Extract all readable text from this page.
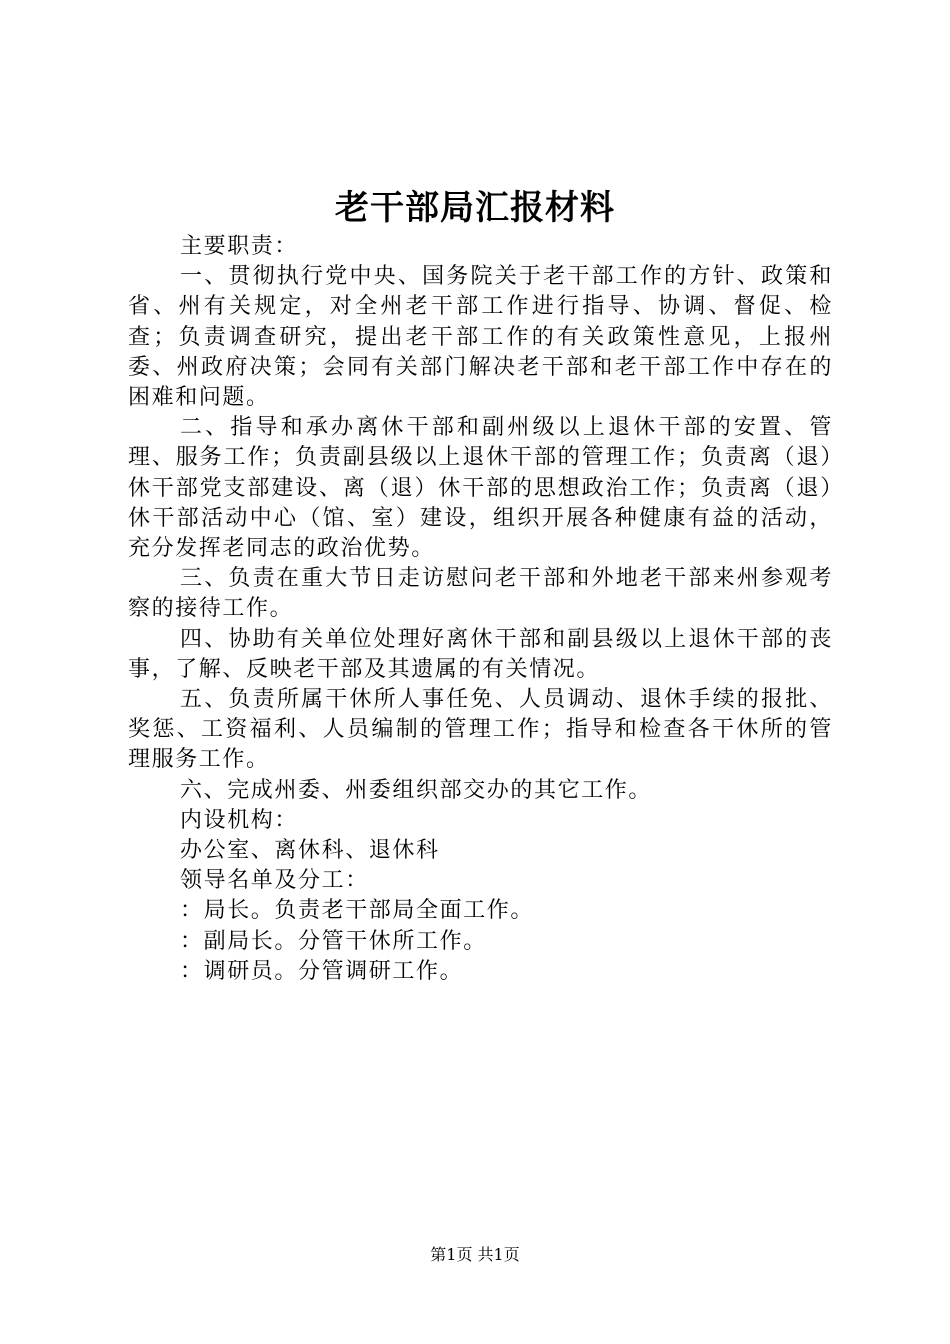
老干部局汇报材料

主要职责：

一、贯彻执行党中央、国务院关于老干部工作的方针、政策和省、州有关规定，对全州老干部工作进行指导、协调、督促、检查；负责调查研究，提出老干部工作的有关政策性意见，上报州委、州政府决策；会同有关部门解决老干部和老干部工作中存在的困难和问题。

二、指导和承办离休干部和副州级以上退休干部的安置、管理、服务工作；负责副县级以上退休干部的管理工作；负责离（退）休干部党支部建设、离（退）休干部的思想政治工作；负责离（退）休干部活动中心（馆、室）建设，组织开展各种健康有益的活动，充分发挥老同志的政治优势。

三、负责在重大节日走访慰问老干部和外地老干部来州参观考察的接待工作。

四、协助有关单位处理好离休干部和副县级以上退休干部的丧事，了解、反映老干部及其遗属的有关情况。

五、负责所属干休所人事任免、人员调动、退休手续的报批、奖惩、工资福利、人员编制的管理工作；指导和检查各干休所的管理服务工作。

六、完成州委、州委组织部交办的其它工作。

内设机构：

办公室、离休科、退休科

领导名单及分工：

：局长。负责老干部局全面工作。

：副局长。分管干休所工作。

：调研员。分管调研工作。

第1页 共1页
